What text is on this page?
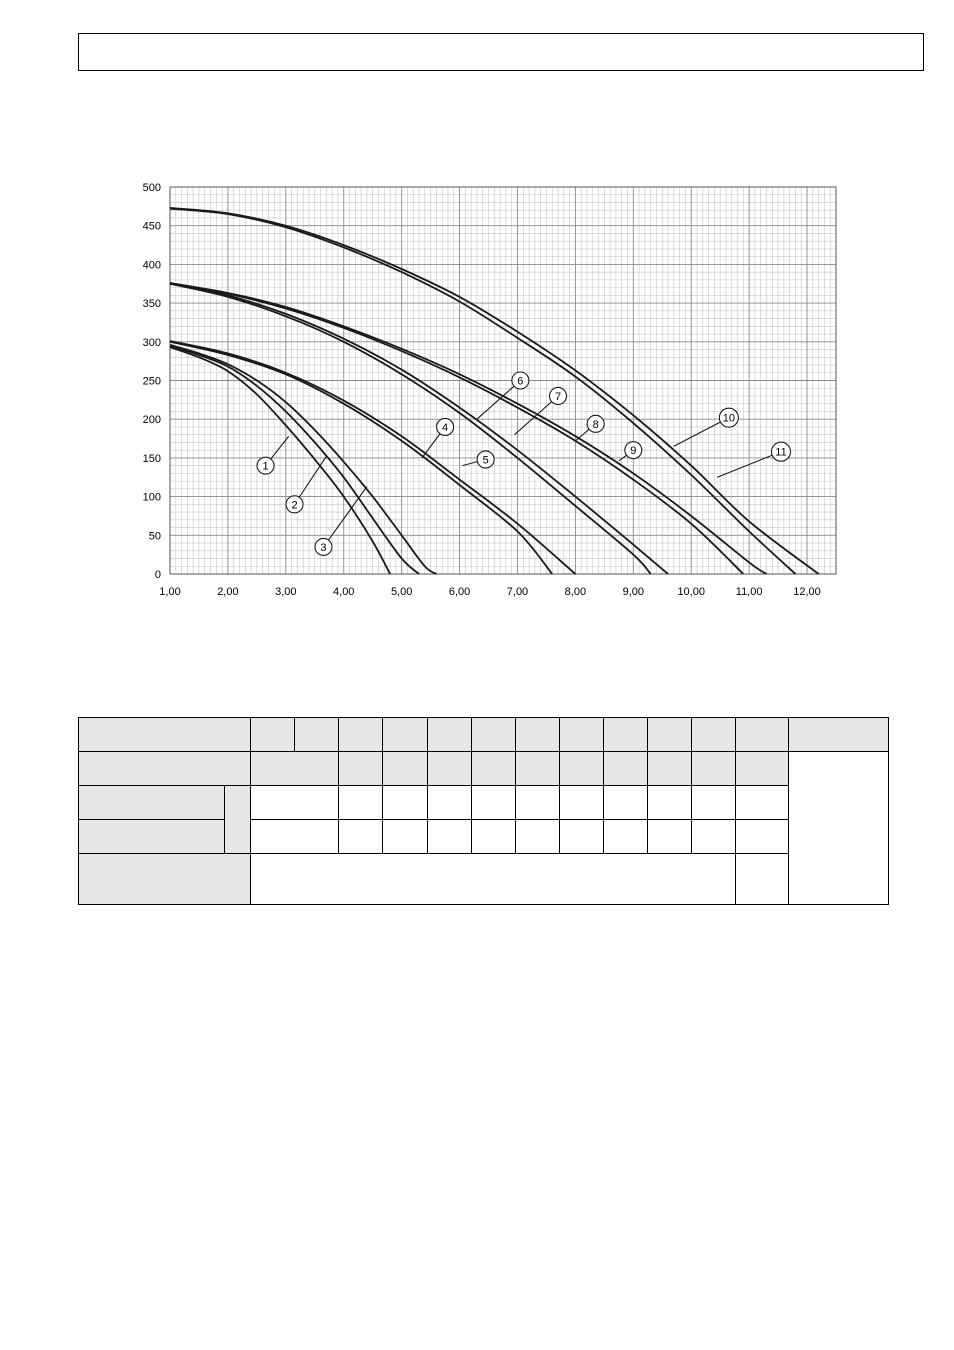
0
50
100
150
200
250
300
350
400
450
500
1,00	2,00	3,00	4,00	5,00	6,00	7,00	8,00	9,00	10,00	11,00	12,00
1
2
3
4
5
6
7
8
9
10
11
